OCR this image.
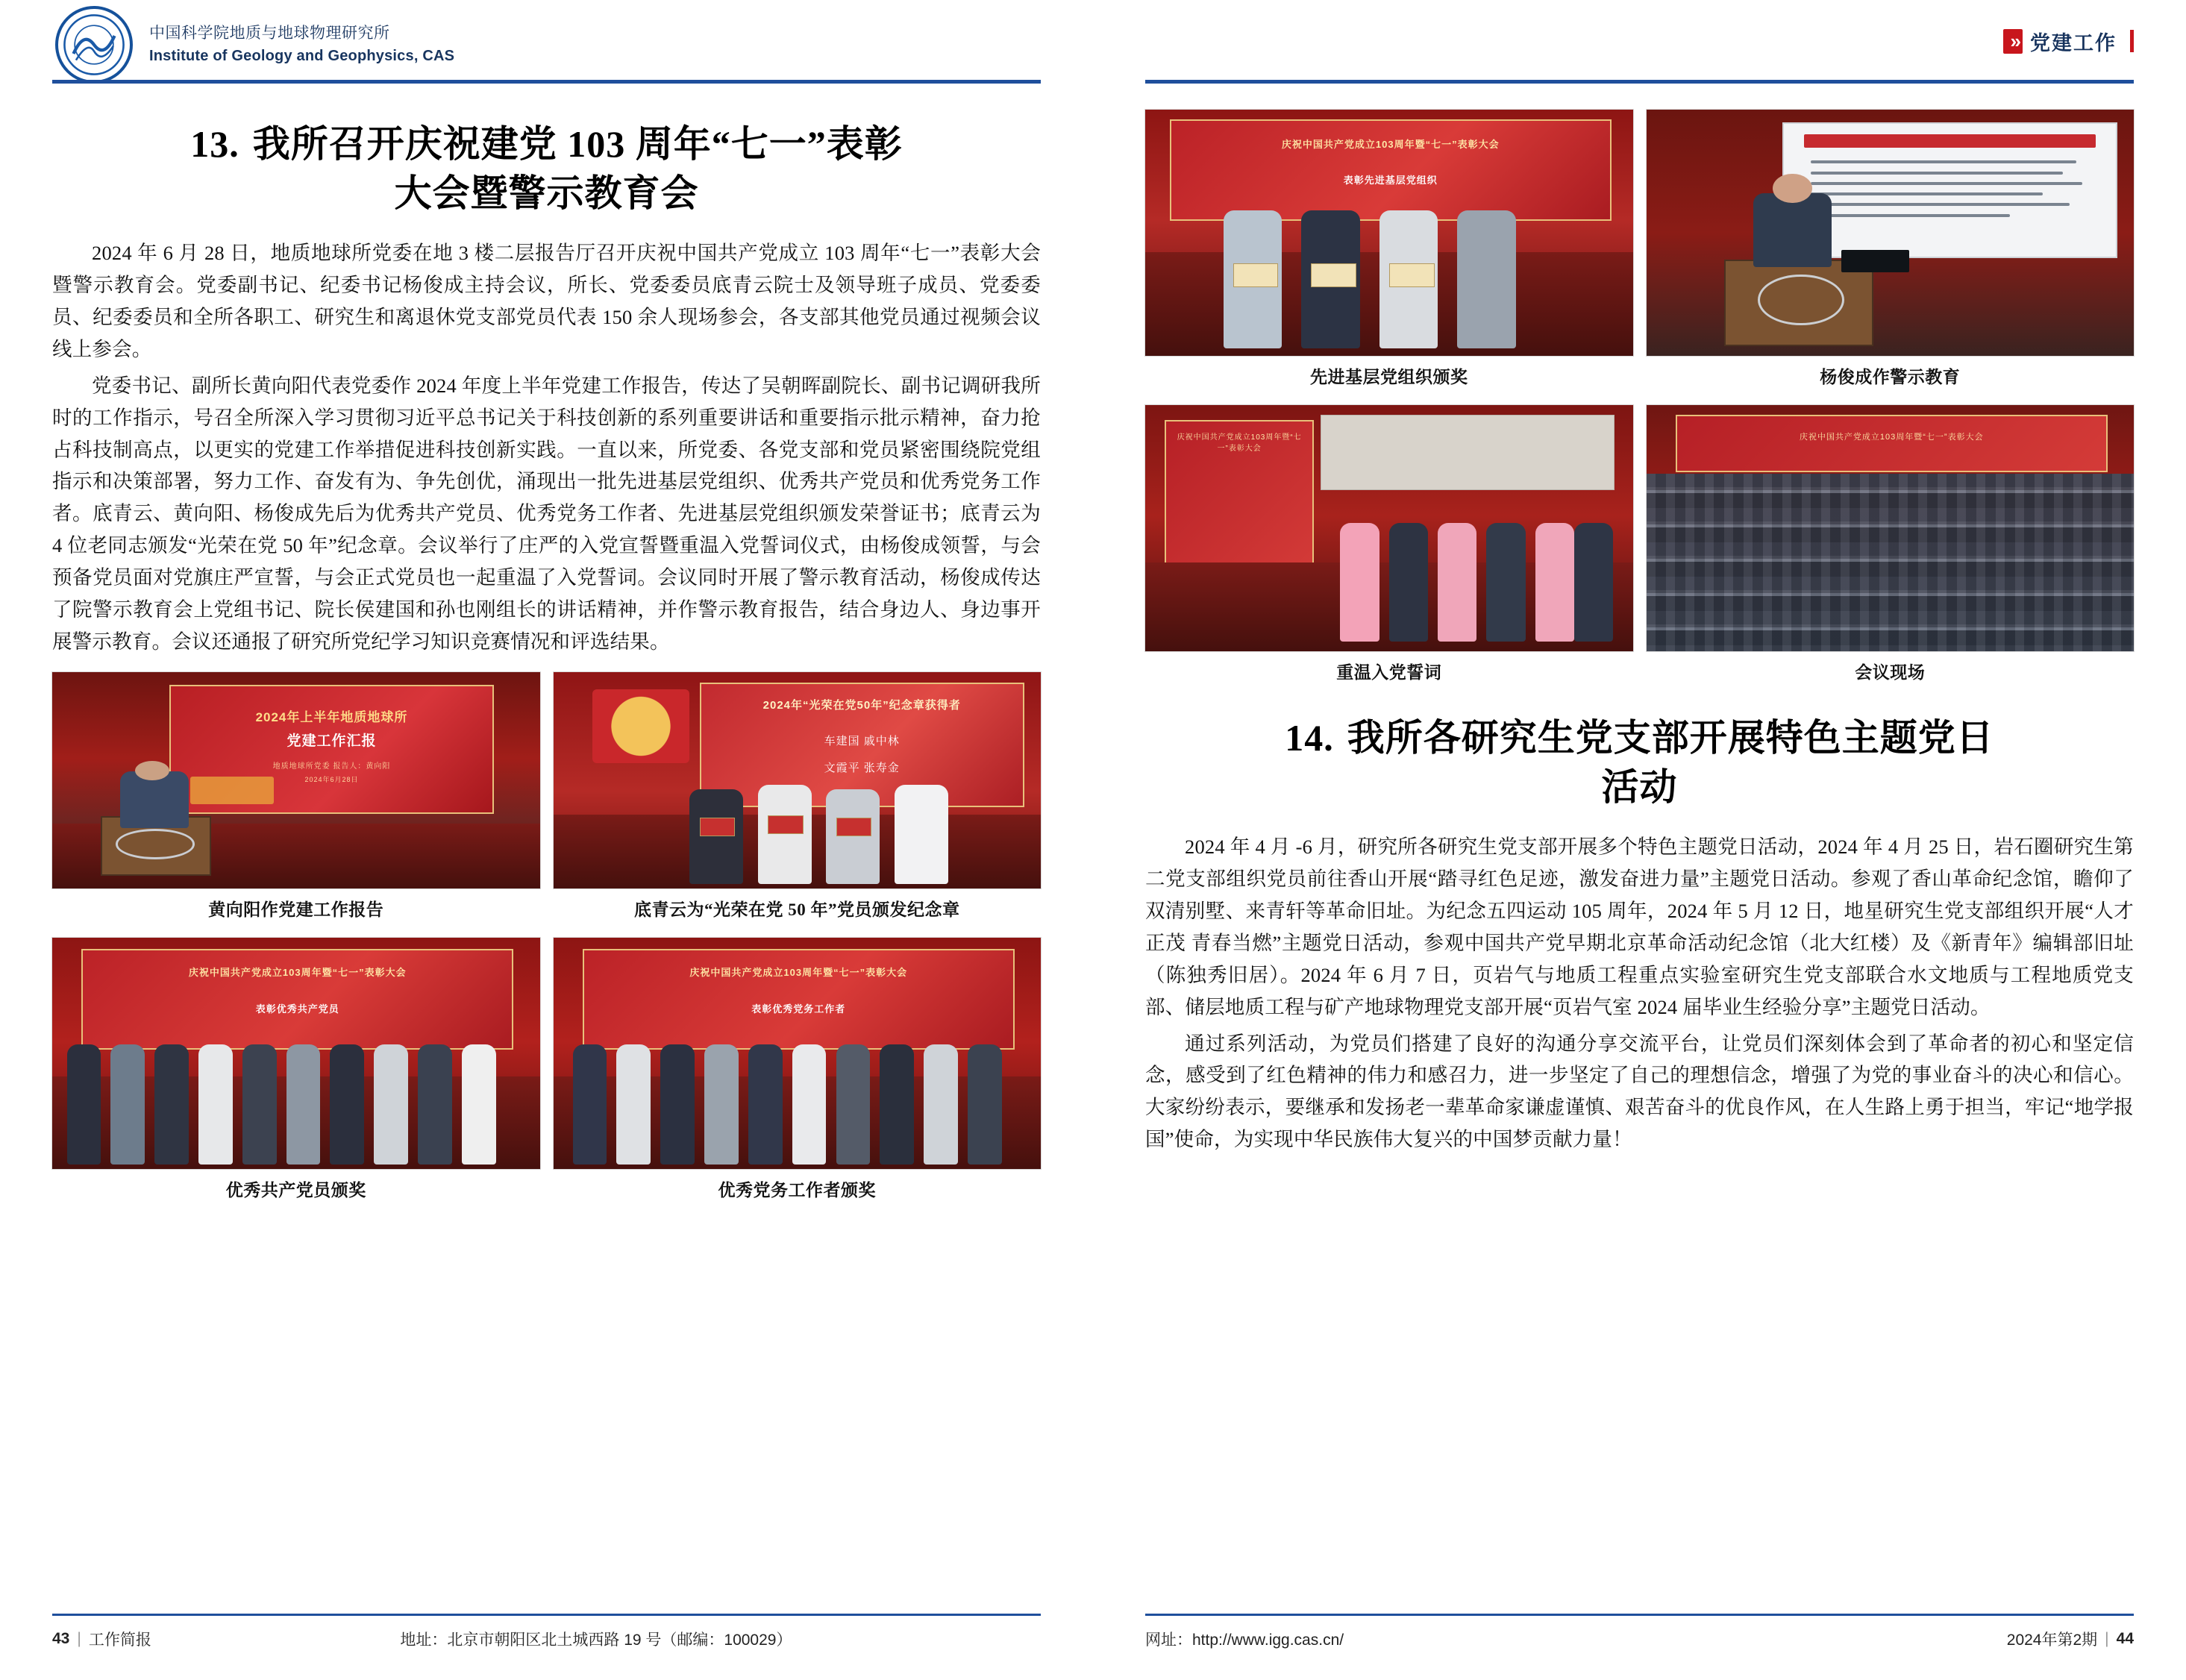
中国科学院地质与地球物理研究所
Institute of Geology and Geophysics, CAS
13. 我所召开庆祝建党 103 周年“七一”表彰
大会暨警示教育会

2024 年 6 月 28 日，地质地球所党委在地 3 楼二层报告厅召开庆祝中国共产党成立 103 周年“七一”表彰大会暨警示教育会。党委副书记、纪委书记杨俊成主持会议，所长、党委委员底青云院士及领导班子成员、党委委员、纪委委员和全所各职工、研究生和离退休党支部党员代表 150 余人现场参会，各支部其他党员通过视频会议线上参会。

党委书记、副所长黄向阳代表党委作 2024 年度上半年党建工作报告，传达了吴朝晖副院长、副书记调研我所时的工作指示，号召全所深入学习贯彻习近平总书记关于科技创新的系列重要讲话和重要指示批示精神，奋力抢占科技制高点，以更实的党建工作举措促进科技创新实践。一直以来，所党委、各党支部和党员紧密围绕院党组指示和决策部署，努力工作、奋发有为、争先创优，涌现出一批先进基层党组织、优秀共产党员和优秀党务工作者。底青云、黄向阳、杨俊成先后为优秀共产党员、优秀党务工作者、先进基层党组织颁发荣誉证书；底青云为 4 位老同志颁发“光荣在党 50 年”纪念章。会议举行了庄严的入党宣誓暨重温入党誓词仪式，由杨俊成领誓，与会预备党员面对党旗庄严宣誓，与会正式党员也一起重温了入党誓词。会议同时开展了警示教育活动，杨俊成传达了院警示教育会上党组书记、院长侯建国和孙也刚组长的讲话精神，并作警示教育报告，结合身边人、身边事开展警示教育。会议还通报了研究所党纪学习知识竞赛情况和评选结果。

2024年上半年地质地球所
党建工作汇报
地质地球所党委 报告人：黄向阳
2024年6月28日
黄向阳作党建工作报告
2024年“光荣在党50年”纪念章获得者
车建国 戚中林
文霞平 张寿金
底青云为“光荣在党 50 年”党员颁发纪念章
庆祝中国共产党成立103周年暨“七一”表彰大会
表彰优秀共产党员
优秀共产党员颁奖
庆祝中国共产党成立103周年暨“七一”表彰大会
表彰优秀党务工作者
优秀党务工作者颁奖
43 | 工作简报	地址：北京市朝阳区北土城西路 19 号（邮编：100029）
» 党建工作
庆祝中国共产党成立103周年暨“七一”表彰大会
表彰先进基层党组织
先进基层党组织颁奖	杨俊成作警示教育
庆祝中国共产党成立103周年暨“七一”表彰大会
重温入党誓词
庆祝中国共产党成立103周年暨“七一”表彰大会
会议现场
14. 我所各研究生党支部开展特色主题党日
活动

2024 年 4 月 -6 月，研究所各研究生党支部开展多个特色主题党日活动，2024 年 4 月 25 日，岩石圈研究生第二党支部组织党员前往香山开展“踏寻红色足迹，激发奋进力量”主题党日活动。参观了香山革命纪念馆，瞻仰了双清别墅、来青轩等革命旧址。为纪念五四运动 105 周年，2024 年 5 月 12 日，地星研究生党支部组织开展“人才正茂 青春当燃”主题党日活动，参观中国共产党早期北京革命活动纪念馆（北大红楼）及《新青年》编辑部旧址（陈独秀旧居）。2024 年 6 月 7 日，页岩气与地质工程重点实验室研究生党支部联合水文地质与工程地质党支部、储层地质工程与矿产地球物理党支部开展“页岩气室 2024 届毕业生经验分享”主题党日活动。

通过系列活动，为党员们搭建了良好的沟通分享交流平台，让党员们深刻体会到了革命者的初心和坚定信念，感受到了红色精神的伟力和感召力，进一步坚定了自己的理想信念，增强了为党的事业奋斗的决心和信心。大家纷纷表示，要继承和发扬老一辈革命家谦虚谨慎、艰苦奋斗的优良作风，在人生路上勇于担当，牢记“地学报国”使命，为实现中华民族伟大复兴的中国梦贡献力量！

网址：http://www.igg.cas.cn/	2024年第2期 | 44
